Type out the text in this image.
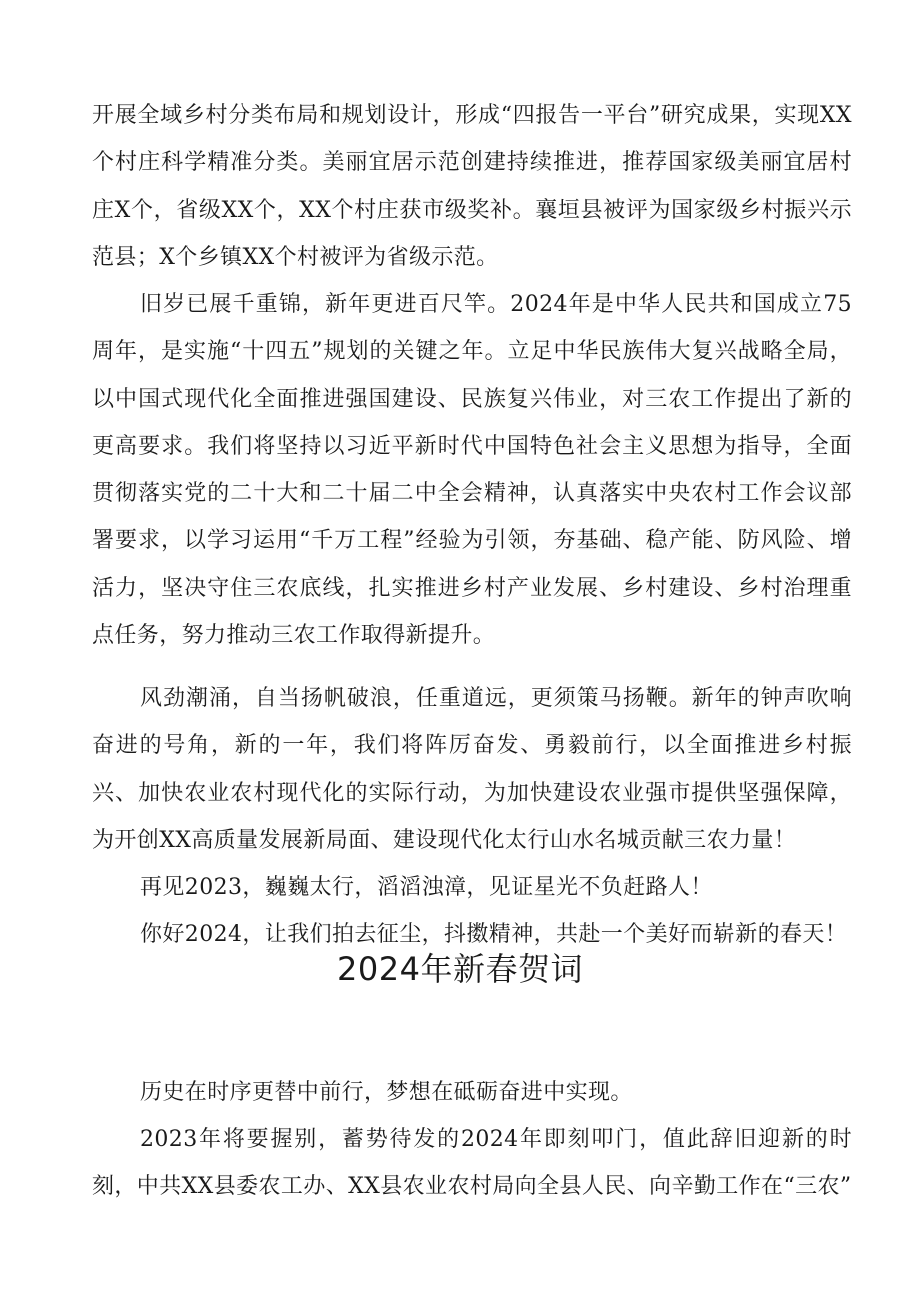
开展全域乡村分类布局和规划设计，形成“四报告一平台”研究成果，实现XX个村庄科学精准分类。美丽宜居示范创建持续推进，推荐国家级美丽宜居村庄X个，省级XX个，XX个村庄获市级奖补。襄垣县被评为国家级乡村振兴示范县；X个乡镇XX个村被评为省级示范。

旧岁已展千重锦，新年更进百尺竿。2024年是中华人民共和国成立75周年，是实施“十四五”规划的关键之年。立足中华民族伟大复兴战略全局，以中国式现代化全面推进强国建设、民族复兴伟业，对三农工作提出了新的更高要求。我们将坚持以习近平新时代中国特色社会主义思想为指导，全面贯彻落实党的二十大和二十届二中全会精神，认真落实中央农村工作会议部署要求，以学习运用“千万工程”经验为引领，夯基础、稳产能、防风险、增活力，坚决守住三农底线，扎实推进乡村产业发展、乡村建设、乡村治理重点任务，努力推动三农工作取得新提升。

风劲潮涌，自当扬帆破浪，任重道远，更须策马扬鞭。新年的钟声吹响奋进的号角，新的一年，我们将阵厉奋发、勇毅前行，以全面推进乡村振兴、加快农业农村现代化的实际行动，为加快建设农业强市提供坚强保障，为开创XX高质量发展新局面、建设现代化太行山水名城贡献三农力量！

再见2023，巍巍太行，滔滔浊漳，见证星光不负赶路人！

你好2024，让我们拍去征尘，抖擞精神，共赴一个美好而崭新的春天！

2024年新春贺词

历史在时序更替中前行，梦想在砥砺奋进中实现。

2023年将要握别，蓄势待发的2024年即刻叩门，值此辞旧迎新的时刻，中共XX县委农工办、XX县农业农村局向全县人民、向辛勤工作在“三农”
